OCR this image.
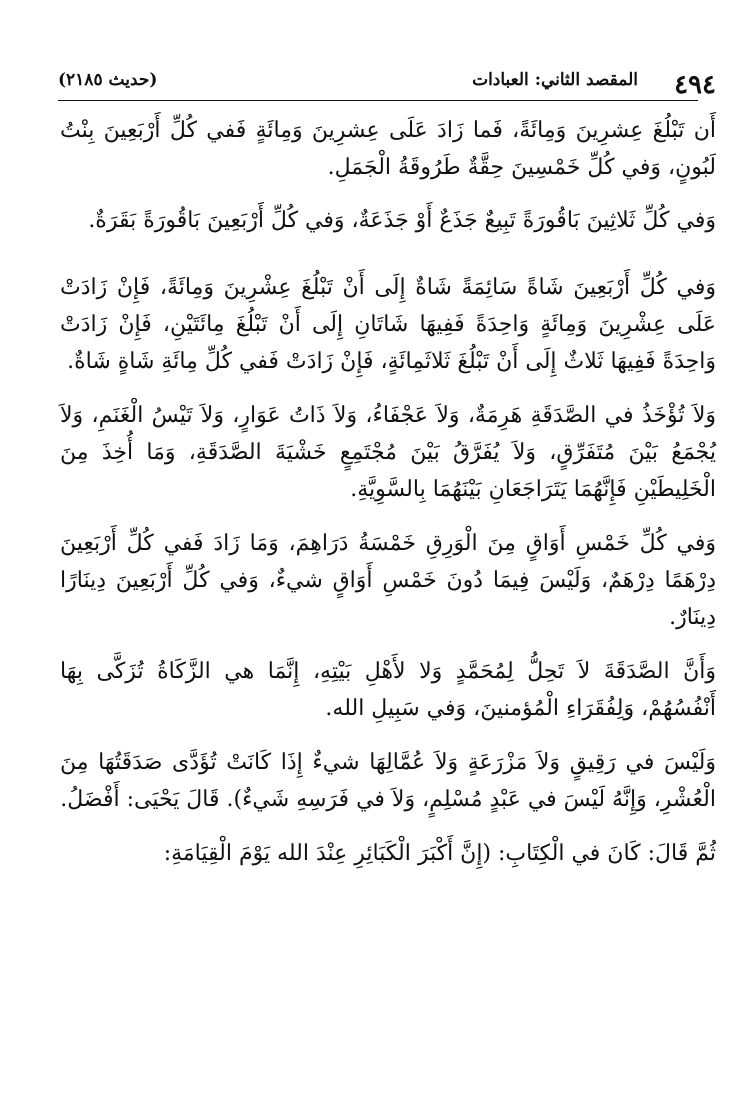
٤٩٤
المقصد الثاني: العبادات
(حديث ٢١٨٥)

أَن تَبْلُغَ عِشرِينَ وَمِائَةً، فَما زَادَ عَلَى عِشرِينَ وَمِائَةٍ فَفي كُلِّ أَرْبَعِينَ بِنْتُ لَبُونٍ، وَفي كُلِّ خَمْسِينَ حِقَّةٌ طَرُوقَةُ الْجَمَلِ.

وَفي كُلِّ ثَلاثِينَ بَاقُورَةً تَبِيعٌ جَذَعٌ أَوْ جَذَعَةٌ، وَفي كُلِّ أَرْبَعِينَ بَاقُورَةً بَقَرَةٌ.

وَفي كُلِّ أَرْبَعِينَ شَاةً سَائِمَةً شَاةٌ إِلَى أَنْ تَبْلُغَ عِشْرِينَ وَمِائَةً، فَإِنْ زَادَتْ عَلَى عِشْرِينَ وَمِائَةٍ وَاحِدَةً فَفِيهَا شَاتَانِ إِلَى أَنْ تَبْلُغَ مِائَتَيْنِ، فَإِنْ زَادَتْ وَاحِدَةً فَفِيهَا ثَلاثٌ إِلَى أَنْ تَبْلُغَ ثَلاثَمِائَةٍ، فَإِنْ زَادَتْ فَفي كُلِّ مِائَةِ شَاةٍ شَاةٌ.

وَلاَ تُؤْخَذُ في الصَّدَقَةِ هَرِمَةٌ، وَلاَ عَجْفَاءُ، وَلاَ ذَاتُ عَوَارٍ، وَلاَ تَيْسُ الْغَنَمِ، وَلاَ يُجْمَعُ بَيْنَ مُتَفَرِّقٍ، وَلاَ يُفَرَّقُ بَيْنَ مُجْتَمِعٍ خَشْيَةَ الصَّدَقَةِ، وَمَا أُخِذَ مِنَ الْخَلِيطَيْنِ فَإِنَّهُمَا يَتَرَاجَعَانِ بَيْنَهُمَا بِالسَّوِيَّةِ.

وَفي كُلِّ خَمْسِ أَوَاقٍ مِنَ الْوَرِقِ خَمْسَةُ دَرَاهِمَ، وَمَا زَادَ فَفي كُلِّ أَرْبَعِينَ دِرْهَمًا دِرْهَمٌ، وَلَيْسَ فِيمَا دُونَ خَمْسِ أَوَاقٍ شيءٌ، وَفي كُلِّ أَرْبَعِينَ دِينَارًا دِينَارٌ.

وَأَنَّ الصَّدَقَةَ لاَ تَحِلُّ لِمُحَمَّدٍ وَلا لأَهْلِ بَيْتِهِ، إِنَّمَا هي الزَّكَاةُ تُزَكَّى بِهَا أَنْفُسُهُمْ، وَلِفُقَرَاءِ الْمُؤمنينَ، وَفي سَبِيلِ الله.

وَلَيْسَ في رَقِيقٍ وَلاَ مَزْرَعَةٍ وَلاَ عُمَّالِهَا شيءٌ إِذَا كَانَتْ تُؤَدَّى صَدَقَتُهَا مِنَ الْعُشْرِ، وَإِنَّهُ لَيْسَ في عَبْدٍ مُسْلِمٍ، وَلاَ في فَرَسِهِ شَيءٌ). قَالَ يَحْيَى: أَفْضَلُ.

ثُمَّ قَالَ: كَانَ في الْكِتَابِ: (إِنَّ أَكْبَرَ الْكَبَائِرِ عِنْدَ الله يَوْمَ الْقِيَامَةِ:
